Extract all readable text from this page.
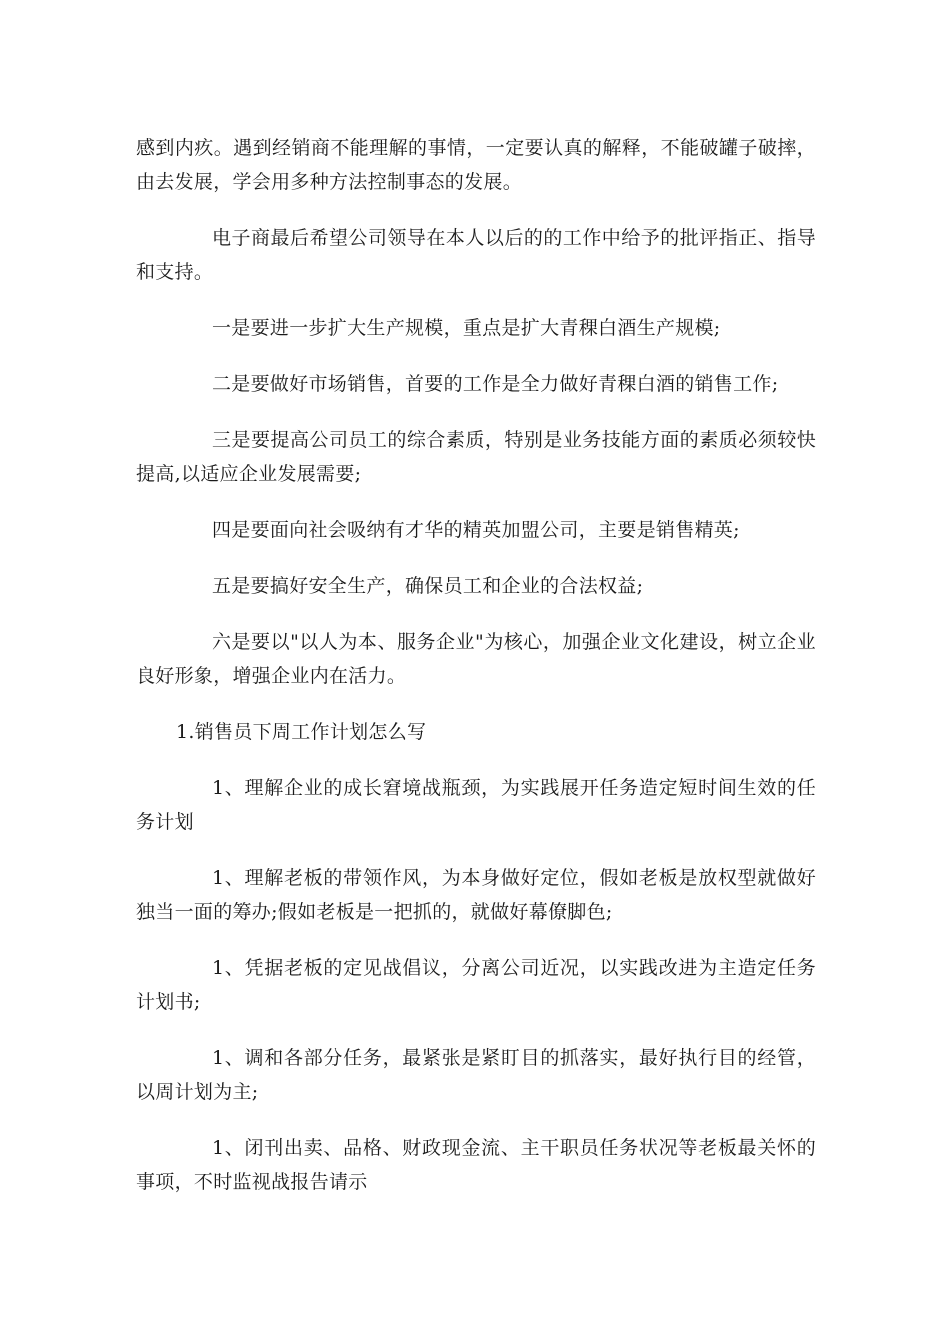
感到内疚。遇到经销商不能理解的事情，一定要认真的解释，不能破罐子破摔，由去发展，学会用多种方法控制事态的发展。

电子商最后希望公司领导在本人以后的的工作中给予的批评指正、指导和支持。

一是要进一步扩大生产规模，重点是扩大青稞白酒生产规模;

二是要做好市场销售，首要的工作是全力做好青稞白酒的销售工作;

三是要提高公司员工的综合素质，特别是业务技能方面的素质必须较快提高,以适应企业发展需要;

四是要面向社会吸纳有才华的精英加盟公司，主要是销售精英;

五是要搞好安全生产，确保员工和企业的合法权益;

六是要以"以人为本、服务企业"为核心，加强企业文化建设，树立企业良好形象，增强企业内在活力。

1.销售员下周工作计划怎么写

1、理解企业的成长窘境战瓶颈，为实践展开任务造定短时间生效的任务计划

1、理解老板的带领作风，为本身做好定位，假如老板是放权型就做好独当一面的筹办;假如老板是一把抓的，就做好幕僚脚色;

1、凭据老板的定见战倡议，分离公司近况，以实践改进为主造定任务计划书;

1、调和各部分任务，最紧张是紧盯目的抓落实，最好执行目的经管，以周计划为主;

1、闭刊出卖、品格、财政现金流、主干职员任务状况等老板最关怀的事项，不时监视战报告请示
